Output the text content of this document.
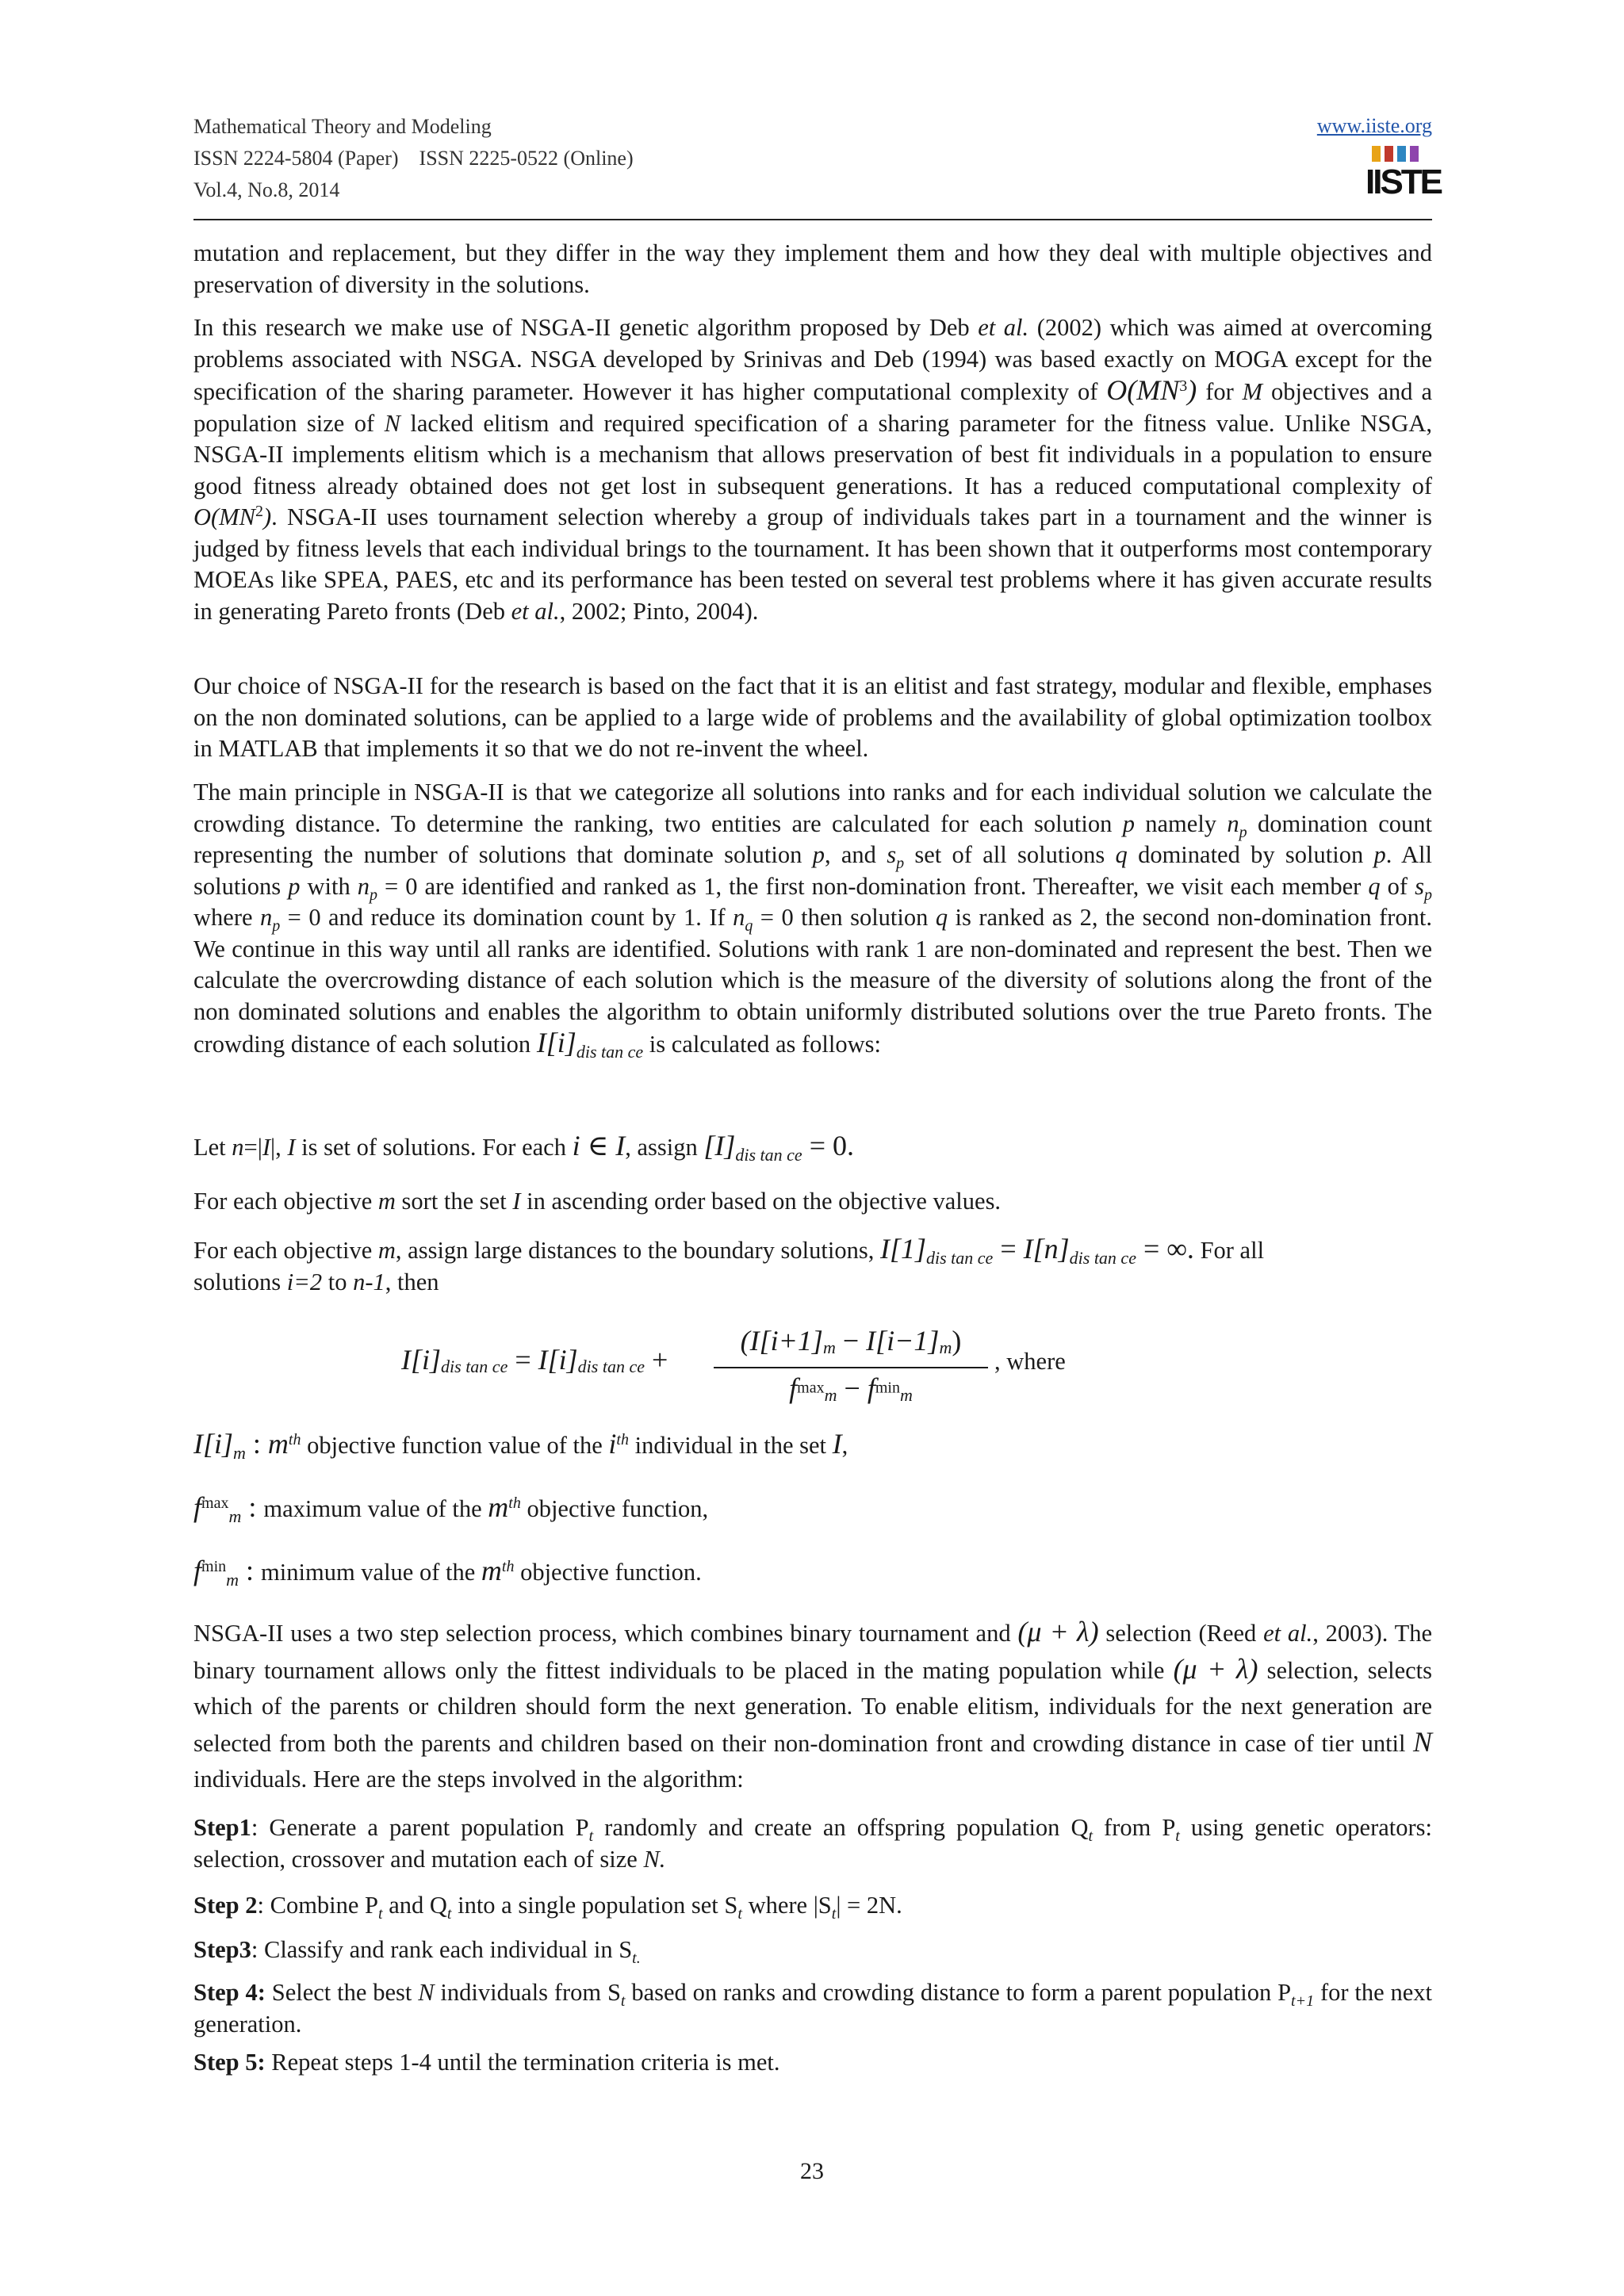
Mathematical Theory and Modeling
ISSN 2224-5804 (Paper) ISSN 2225-0522 (Online)
Vol.4, No.8, 2014
www.iiste.org
IISTE

mutation and replacement, but they differ in the way they implement them and how they deal with multiple objectives and preservation of diversity in the solutions.

In this research we make use of NSGA-II genetic algorithm proposed by Deb et al. (2002) which was aimed at overcoming problems associated with NSGA. NSGA developed by Srinivas and Deb (1994) was based exactly on MOGA except for the specification of the sharing parameter. However it has higher computational complexity of $O(MN^3)$ for M objectives and a population size of N lacked elitism and required specification of a sharing parameter for the fitness value. Unlike NSGA, NSGA-II implements elitism which is a mechanism that allows preservation of best fit individuals in a population to ensure good fitness already obtained does not get lost in subsequent generations. It has a reduced computational complexity of $O(MN^2)$. NSGA-II uses tournament selection whereby a group of individuals takes part in a tournament and the winner is judged by fitness levels that each individual brings to the tournament. It has been shown that it outperforms most contemporary MOEAs like SPEA, PAES, etc and its performance has been tested on several test problems where it has given accurate results in generating Pareto fronts (Deb et al., 2002; Pinto, 2004).

Our choice of NSGA-II for the research is based on the fact that it is an elitist and fast strategy, modular and flexible, emphases on the non dominated solutions, can be applied to a large wide of problems and the availability of global optimization toolbox in MATLAB that implements it so that we do not re-invent the wheel.

The main principle in NSGA-II is that we categorize all solutions into ranks and for each individual solution we calculate the crowding distance. To determine the ranking, two entities are calculated for each solution p namely $n_p$ domination count representing the number of solutions that dominate solution p, and $s_p$ set of all solutions q dominated by solution p. All solutions p with $n_p = 0$ are identified and ranked as 1, the first non-domination front. Thereafter, we visit each member q of $s_p$ where $n_p = 0$ and reduce its domination count by 1. If $n_q = 0$ then solution q is ranked as 2, the second non-domination front. We continue in this way until all ranks are identified. Solutions with rank 1 are non-dominated and represent the best. Then we calculate the overcrowding distance of each solution which is the measure of the diversity of solutions along the front of the non dominated solutions and enables the algorithm to obtain uniformly distributed solutions over the true Pareto fronts. The crowding distance of each solution $I[i]_{dis tan ce}$ is calculated as follows:

Let n=|I|, I is set of solutions. For each i ∈ I, assign $[I]_{dis tan ce} = 0$.

For each objective m sort the set I in ascending order based on the objective values.

For each objective m, assign large distances to the boundary solutions, $I[1]_{dis tan ce} = I[n]_{dis tan ce}$ = ∞. For all
solutions i=2 to n-1, then

$I[i]_{dis tan ce} = I[i]_{dis tan ce}$ +
$(I[i+1]_m - I[i-1]_m)$
$f^{max}_m - f^{min}_m$
, where
$I[i]_m$ : $m^{th}$ objective function value of the $i^{th}$ individual in the set I,
$f^{max}_m$ : maximum value of the $m^{th}$ objective function,
$f^{min}_m$ : minimum value of the $m^{th}$ objective function.

NSGA-II uses a two step selection process, which combines binary tournament and (μ + λ) selection (Reed et al., 2003). The binary tournament allows only the fittest individuals to be placed in the mating population while (μ + λ) selection, selects which of the parents or children should form the next generation. To enable elitism, individuals for the next generation are selected from both the parents and children based on their non-domination front and crowding distance in case of tier until N individuals. Here are the steps involved in the algorithm:

Step1: Generate a parent population $P_t$ randomly and create an offspring population $Q_t$ from $P_t$ using genetic operators: selection, crossover and mutation each of size N.

Step 2: Combine $P_t$ and $Q_t$ into a single population set $S_t$ where $|S_t| = 2N$.

Step3: Classify and rank each individual in $S_{t.}$

Step 4: Select the best N individuals from $S_t$ based on ranks and crowding distance to form a parent population $P_{t+1}$ for the next generation.

Step 5: Repeat steps 1-4 until the termination criteria is met.

23
